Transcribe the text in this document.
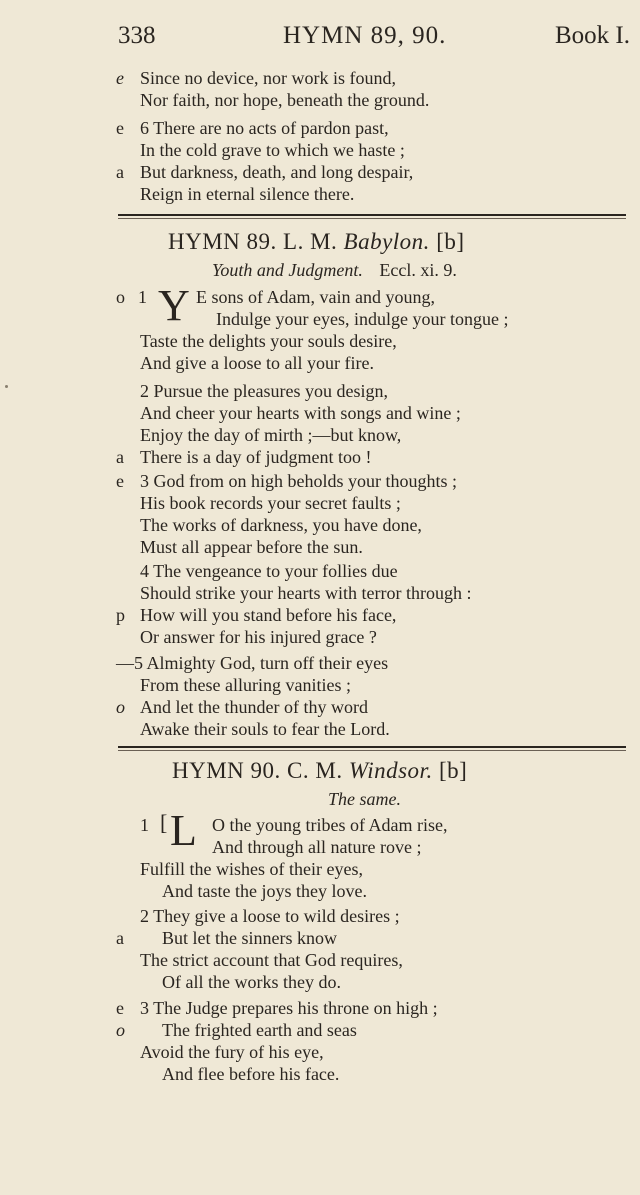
338	HYMN 89, 90.	Book I.
e Since no device, nor work is found,
Nor faith, nor hope, beneath the ground.
e 6 There are no acts of pardon past,
In the cold grave to which we haste ;
a But darkness, death, and long despair,
Reign in eternal silence there.
HYMN 89. L. M. Babylon. [b]
Youth and Judgment. Eccl. xi. 9.
o 1 Y E sons of Adam, vain and young,
Indulge your eyes, indulge your tongue ;
Taste the delights your souls desire,
And give a loose to all your fire.
2 Pursue the pleasures you design,
And cheer your hearts with songs and wine ;
Enjoy the day of mirth ;—but know,
a There is a day of judgment too !
e 3 God from on high beholds your thoughts ;
His book records your secret faults ;
The works of darkness, you have done,
Must all appear before the sun.
4 The vengeance to your follies due
Should strike your hearts with terror through :
p How will you stand before his face,
Or answer for his injured grace ?
— 5 Almighty God, turn off their eyes
From these alluring vanities ;
o And let the thunder of thy word
Awake their souls to fear the Lord.
HYMN 90. C. M. Windsor. [b]
The same.
1 [ L O the young tribes of Adam rise,
And through all nature rove ;
Fulfill the wishes of their eyes,
And taste the joys they love.
2 They give a loose to wild desires ;
a But let the sinners know
The strict account that God requires,
Of all the works they do.
e 3 The Judge prepares his throne on high ;
o The frighted earth and seas
Avoid the fury of his eye,
And flee before his face.
